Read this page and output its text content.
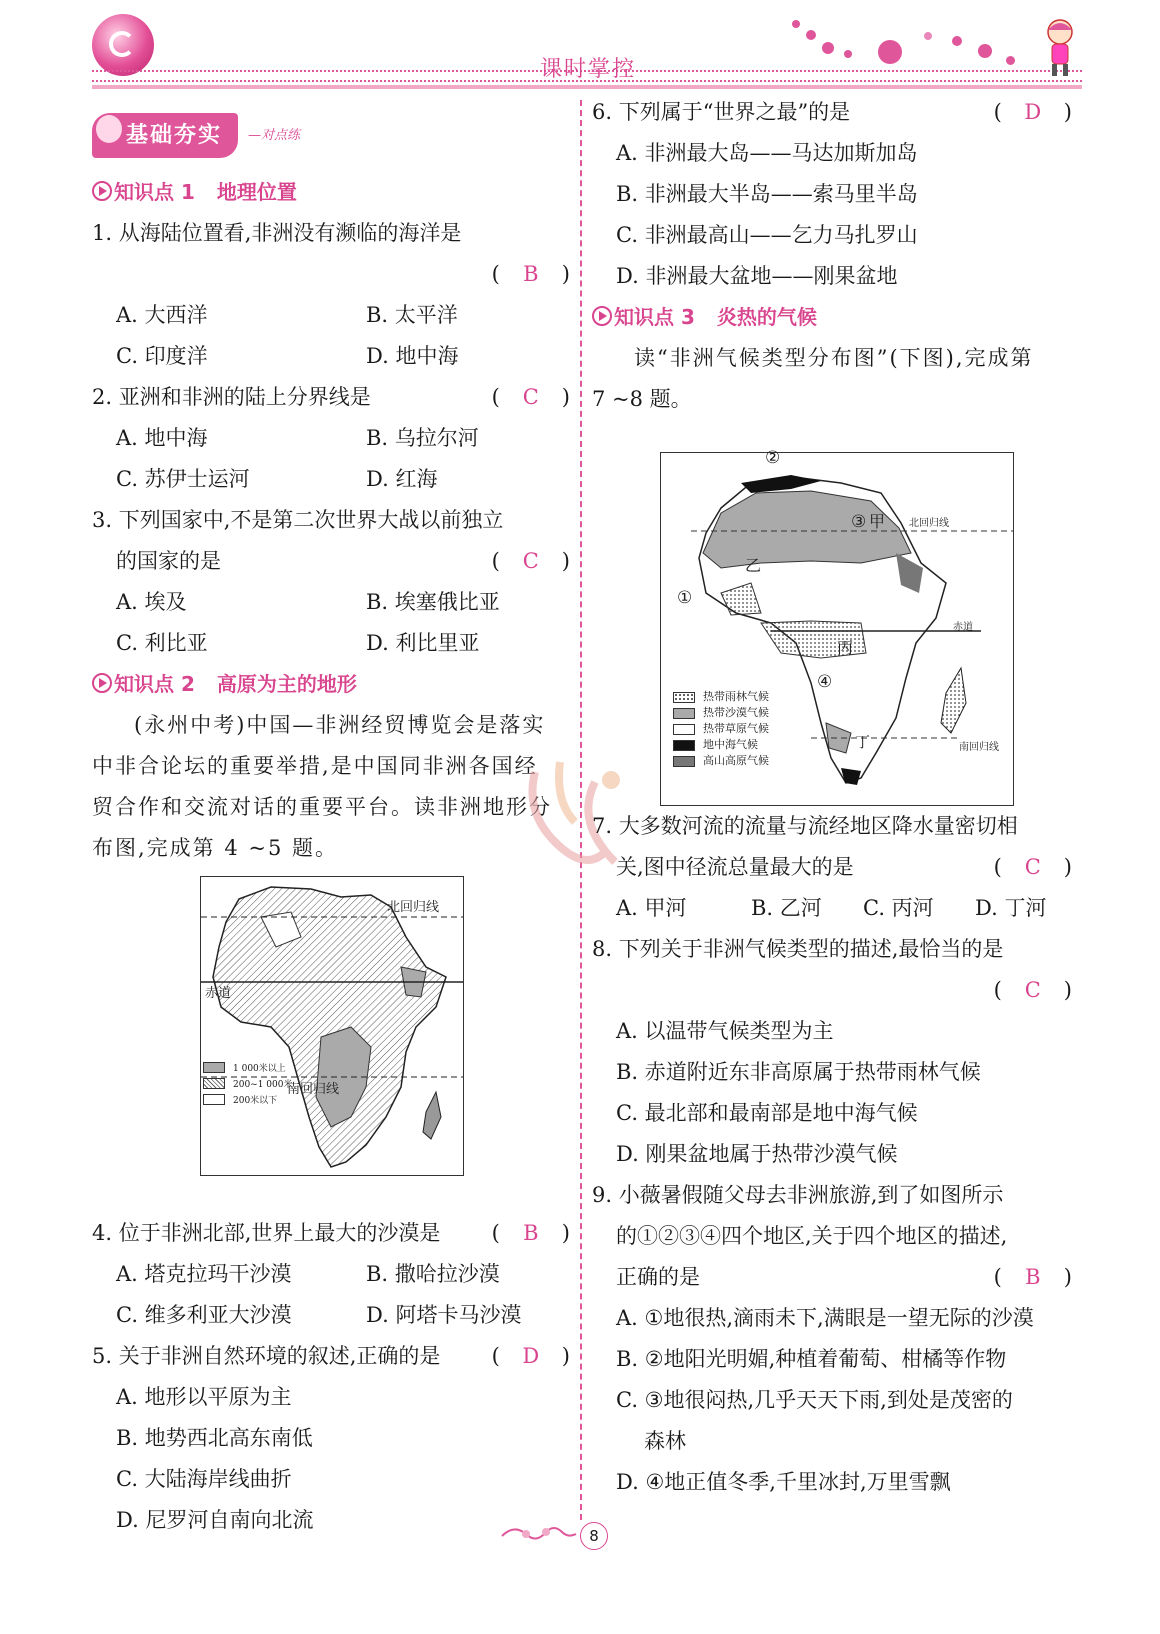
课时掌控
基础夯实	—对点练
知识点 1 地理位置
1. 从海陆位置看,非洲没有濒临的海洋是
( B )
A. 大西洋	B. 太平洋
C. 印度洋	D. 地中海
2. 亚洲和非洲的陆上分界线是	( C )
A. 地中海	B. 乌拉尔河
C. 苏伊士运河	D. 红海
3. 下列国家中,不是第二次世界大战以前独立
的国家的是	( C )
A. 埃及	B. 埃塞俄比亚
C. 利比亚	D. 利比里亚
知识点 2 高原为主的地形
(永州中考)中国—非洲经贸博览会是落实
中非合论坛的重要举措,是中国同非洲各国经
贸合作和交流对话的重要平台。读非洲地形分
布图,完成第 4 ~5 题。
4. 位于非洲北部,世界上最大的沙漠是 ( B )
A. 塔克拉玛干沙漠	B. 撒哈拉沙漠
C. 维多利亚大沙漠	D. 阿塔卡马沙漠
5. 关于非洲自然环境的叙述,正确的是 ( D )
A. 地形以平原为主
B. 地势西北高东南低
C. 大陆海岸线曲折
D. 尼罗河自南向北流
北回归线
赤道
南回归线
1 000米以上
200~1 000米
200米以下
6. 下列属于“世界之最”的是	( D )
A. 非洲最大岛——马达加斯加岛
B. 非洲最大半岛——索马里半岛
C. 非洲最高山——乞力马扎罗山
D. 非洲最大盆地——刚果盆地
知识点 3 炎热的气候
读“非洲气候类型分布图”(下图),完成第
7 ~8 题。
7. 大多数河流的流量与流经地区降水量密切相
关,图中径流总量最大的是	( C )
A. 甲河	B. 乙河	C. 丙河	D. 丁河
8. 下列关于非洲气候类型的描述,最恰当的是
( C )
A. 以温带气候类型为主
B. 赤道附近东非高原属于热带雨林气候
C. 最北部和最南部是地中海气候
D. 刚果盆地属于热带沙漠气候
9. 小薇暑假随父母去非洲旅游,到了如图所示
的①②③④四个地区,关于四个地区的描述,
正确的是	( B )
A. ①地很热,滴雨未下,满眼是一望无际的沙漠
B. ②地阳光明媚,种植着葡萄、柑橘等作物
C. ③地很闷热,几乎天天下雨,到处是茂密的
森林
D. ④地正值冬季,千里冰封,万里雪飘
②
③ 甲
乙
①
丙
④
丁
北回归线
赤道
南回归线
热带雨林气候
热带沙漠气候
热带草原气候
地中海气候
高山高原气候
8
